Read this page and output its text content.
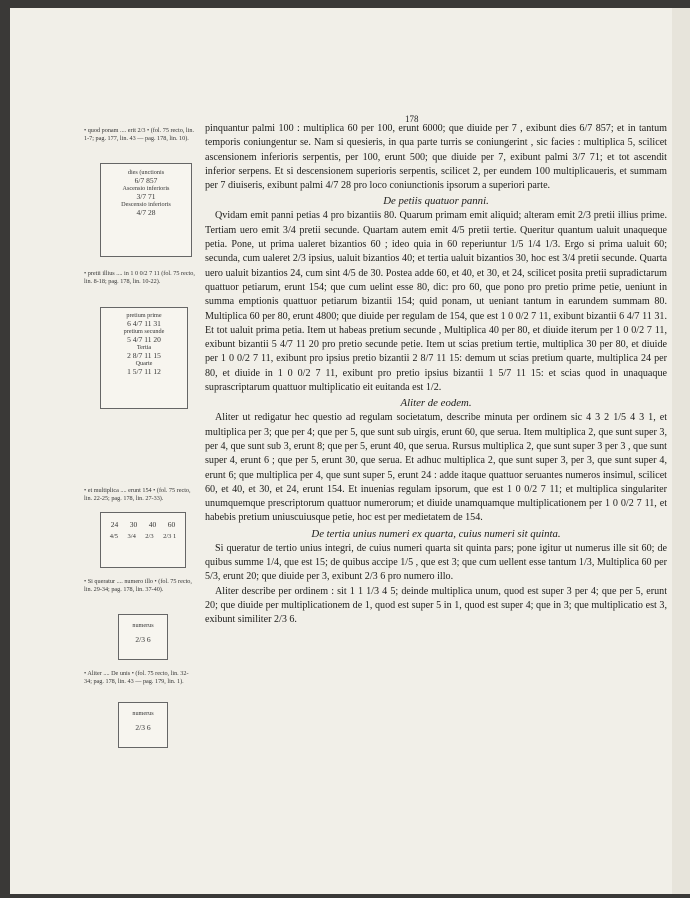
178

pinquantur palmi 100 : multiplica 60 per 100, erunt 6000; que diuide per 7 , exibunt dies 6/7 857; et in tantum temporis coniungentur se. Nam si quesieris, in qua parte turris se coniungerint , sic facies : multiplica 5, scilicet ascensionem inferioris serpentis, per 100, erunt 500; que diuide per 7, exibunt palmi 3/7 71; et tot ascendit inferior serpens. Et si descensionem superioris serpentis, scilicet 2, per eundem 100 multiplicaueris, et summam per 7 diuiseris, exibunt palmi 4/7 28 pro loco coniunctionis ipsorum a superiori parte.

De petiis quatuor panni.

Qvidam emit panni petias 4 pro bizantiis 80. Quarum primam emit aliquid; alteram emit 2/3 pretii illius prime. Tertiam uero emit 3/4 pretii secunde. Quartam autem emit 4/5 pretii tertie. Queritur quantum ualuit unaqueque petia. Pone, ut prima ualeret bizantios 60 ; ideo quia in 60 reperiuntur 1/5 1/4 1/3. Ergo si prima ualuit 60; secunda, cum ualeret 2/3 ipsius, ualuit bizantios 40; et tertia ualuit bizantios 30, hoc est 3/4 pretii secunde. Quarta uero ualuit bizantios 24, cum sint 4/5 de 30. Postea adde 60, et 40, et 30, et 24, scilicet posita pretii supradictarum quattuor petiarum, erunt 154; que cum uelint esse 80, dic: pro 60, que pono pro pretio prime petie, ueniunt in summa emptionis quattuor petiarum bizantii 154; quid ponam, ut ueniant tantum in earundem summam 80. Multiplica 60 per 80, erunt 4800; que diuide per regulam de 154, que est 1 0 0/2 7 11, exibunt bizantii 6 4/7 11 31. Et tot ualuit prima petia. Item ut habeas pretium secunde , Multiplica 40 per 80, et diuide iterum per 1 0 0/2 7 11, exibunt bizantii 5 4/7 11 20 pro pretio secunde petie. Item ut scias pretium tertie, multiplica 30 per 80, et diuide per 1 0 0/2 7 11, exibunt pro ipsius pretio bizantii 2 8/7 11 15: demum ut scias pretium quarte, multiplica 24 per 80, et diuide in 1 0 0/2 7 11, exibunt pro pretio ipsius bizantii 1 5/7 11 15: et scias quod in unaquaque suprascriptarum quattuor multiplicatio eit euitanda est 1/2.

Aliter de eodem.

Aliter ut redigatur hec questio ad regulam societatum, describe minuta per ordinem sic 4 3 2 1/5 4 3 1, et multiplica per 3; que per 4; que per 5, que sunt sub uirgis, erunt 60, que serua. Item multiplica 2, que sunt super 3, per 4, que sunt sub 3, erunt 8; que per 5, erunt 40, que serua. Rursus multiplica 2, que sunt super 3 per 3 , que sunt super 4, erunt 6 ; que per 5, erunt 30, que serua. Et adhuc multiplica 2, que sunt super 3, per 3, que sunt super 4, erunt 6; que multiplica per 4, que sunt super 5, erunt 24 : adde itaque quattuor seruantes numeros insimul, scilicet 60, et 40, et 30, et 24, erunt 154. Et inuenias regulam ipsorum, que est 1 0 0/2 7 11; et multiplica singulariter unumquemque prescriptorum quattuor numerorum; et diuide unamquamque multiplicationem per 1 0 0/2 7 11, et habebis pretium uniuscuiusque petie, hoc est per medietatem de 154.

De tertia unius numeri ex quarta, cuius numeri sit quinta.

Si queratur de tertio unius integri, de cuius numeri quarta sit quinta pars; pone igitur ut numerus ille sit 60; de quibus summe 1/4, que est 15; de quibus accipe 1/5 , que est 3; que cum uellent esse tantum 1/3, Multiplica 60 per 5/3, erunt 20; que diuide per 3, exibunt 2/3 6 pro numero illo.

Aliter describe per ordinem : sit 1 1 1/3 4 5; deinde multiplica unum, quod est super 3 per 4; que per 5, erunt 20; que diuide per multiplicationem de 1, quod est super 5 in 1, quod est super 4; que in 3; que multiplicatio est 3, exibunt similiter 2/3 6.

• quod ponam .... erit 2/3 • (fol. 75 recto, lin. 1-7; pag. 177, lin. 43 — pag. 178, lin. 10).
• pretii illius .... in 1 0 0/2 7 11 (fol. 75 recto, lin. 8-18; pag. 178, lin. 10-22).
• et multiplica .... erunt 154 • (fol. 75 recto, lin. 22-25; pag. 178, lin. 27-33).
• Si queratur .... numero illo • (fol. 75 recto, lin. 29-34; pag. 178, lin. 37-40).
• Aliter .... De unis • (fol. 75 recto, lin. 32-34; pag. 178, lin. 43 — pag. 179, lin. 1).
dies (unctionis
6/7 857
Ascensio inferioris
3/7 71
Descensio inferioris
4/7 28
pretium prime
6 4/7 11 31
pretium secunde
5 4/7 11 20
Tertia
2 8/7 11 15
Quarte
1 5/7 11 12
24 30 40 60
4/5 3/4 2/3 2/3 1
numerus
2/3 6
numerus
2/3 6
